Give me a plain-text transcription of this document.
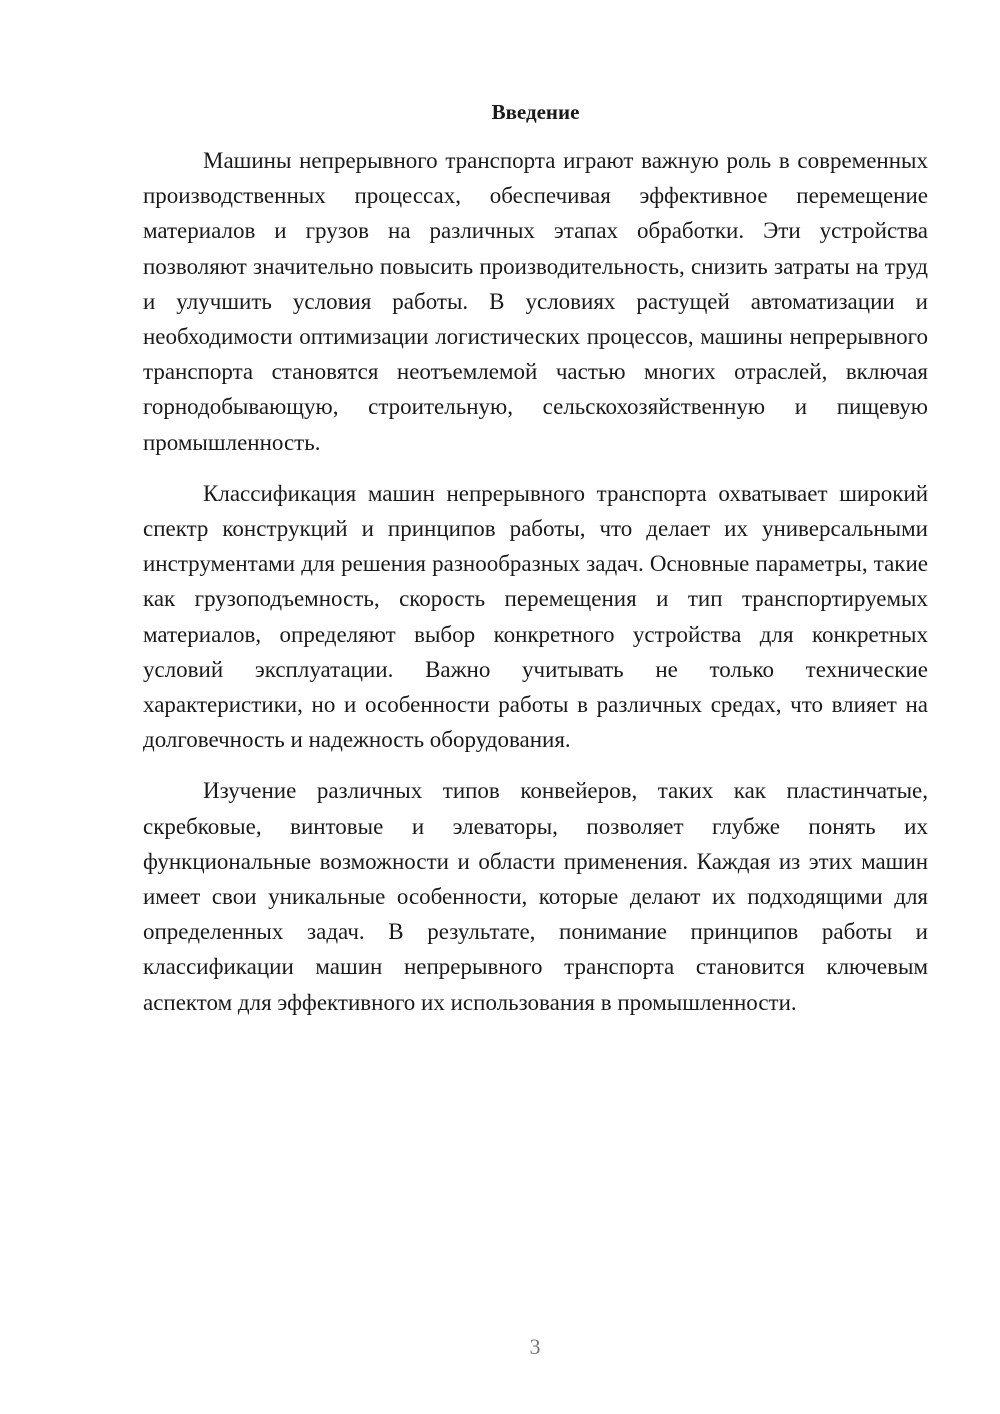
Введение

Машины непрерывного транспорта играют важную роль в современных производственных процессах, обеспечивая эффективное перемещение материалов и грузов на различных этапах обработки. Эти устройства позволяют значительно повысить производительность, снизить затраты на труд и улучшить условия работы. В условиях растущей автоматизации и необходимости оптимизации логистических процессов, машины непрерывного транспорта становятся неотъемлемой частью многих отраслей, включая горнодобывающую, строительную, сельскохозяйственную и пищевую промышленность.

Классификация машин непрерывного транспорта охватывает широкий спектр конструкций и принципов работы, что делает их универсальными инструментами для решения разнообразных задач. Основные параметры, такие как грузоподъемность, скорость перемещения и тип транспортируемых материалов, определяют выбор конкретного устройства для конкретных условий эксплуатации. Важно учитывать не только технические характеристики, но и особенности работы в различных средах, что влияет на долговечность и надежность оборудования.

Изучение различных типов конвейеров, таких как пластинчатые, скребковые, винтовые и элеваторы, позволяет глубже понять их функциональные возможности и области применения. Каждая из этих машин имеет свои уникальные особенности, которые делают их подходящими для определенных задач. В результате, понимание принципов работы и классификации машин непрерывного транспорта становится ключевым аспектом для эффективного их использования в промышленности.

3
